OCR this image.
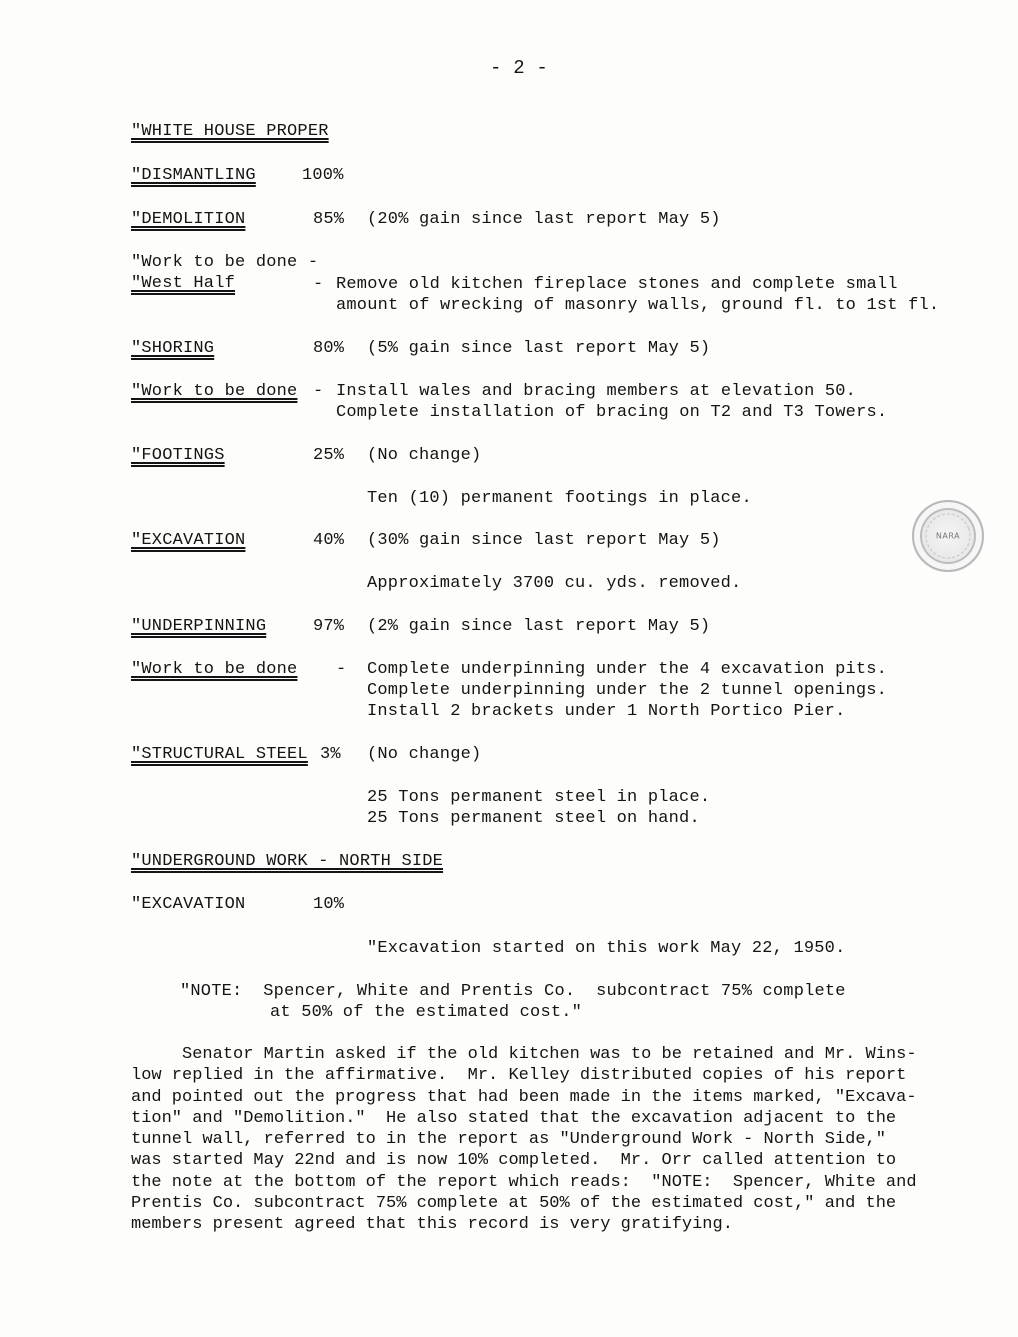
- 2 -
"WHITE HOUSE PROPER
"DISMANTLING	100%
"DEMOLITION	85% (20% gain since last report May 5)
"Work to be done -
"West Half	- Remove old kitchen fireplace stones and complete small
amount of wrecking of masonry walls, ground fl. to 1st fl.
"SHORING	80% (5% gain since last report May 5)
"Work to be done - Install wales and bracing members at elevation 50.
Complete installation of bracing on T2 and T3 Towers.
"FOOTINGS	25% (No change)
Ten (10) permanent footings in place.
"EXCAVATION	40% (30% gain since last report May 5)
Approximately 3700 cu. yds. removed.
"UNDERPINNING	97% (2% gain since last report May 5)
"Work to be done - Complete underpinning under the 4 excavation pits.
Complete underpinning under the 2 tunnel openings.
Install 2 brackets under 1 North Portico Pier.
"STRUCTURAL STEEL 3% (No change)
25 Tons permanent steel in place.
25 Tons permanent steel on hand.
"UNDERGROUND WORK - NORTH SIDE
"EXCAVATION	10%
"Excavation started on this work May 22, 1950.
"NOTE:  Spencer, White and Prentis Co.  subcontract 75% complete
at 50% of the estimated cost."
Senator Martin asked if the old kitchen was to be retained and Mr. Wins-
low replied in the affirmative.  Mr. Kelley distributed copies of his report
and pointed out the progress that had been made in the items marked, "Excava-
tion" and "Demolition."  He also stated that the excavation adjacent to the
tunnel wall, referred to in the report as "Underground Work - North Side,"
was started May 22nd and is now 10% completed.  Mr. Orr called attention to
the note at the bottom of the report which reads:  "NOTE:  Spencer, White and
Prentis Co. subcontract 75% complete at 50% of the estimated cost," and the
members present agreed that this record is very gratifying.
NARA
